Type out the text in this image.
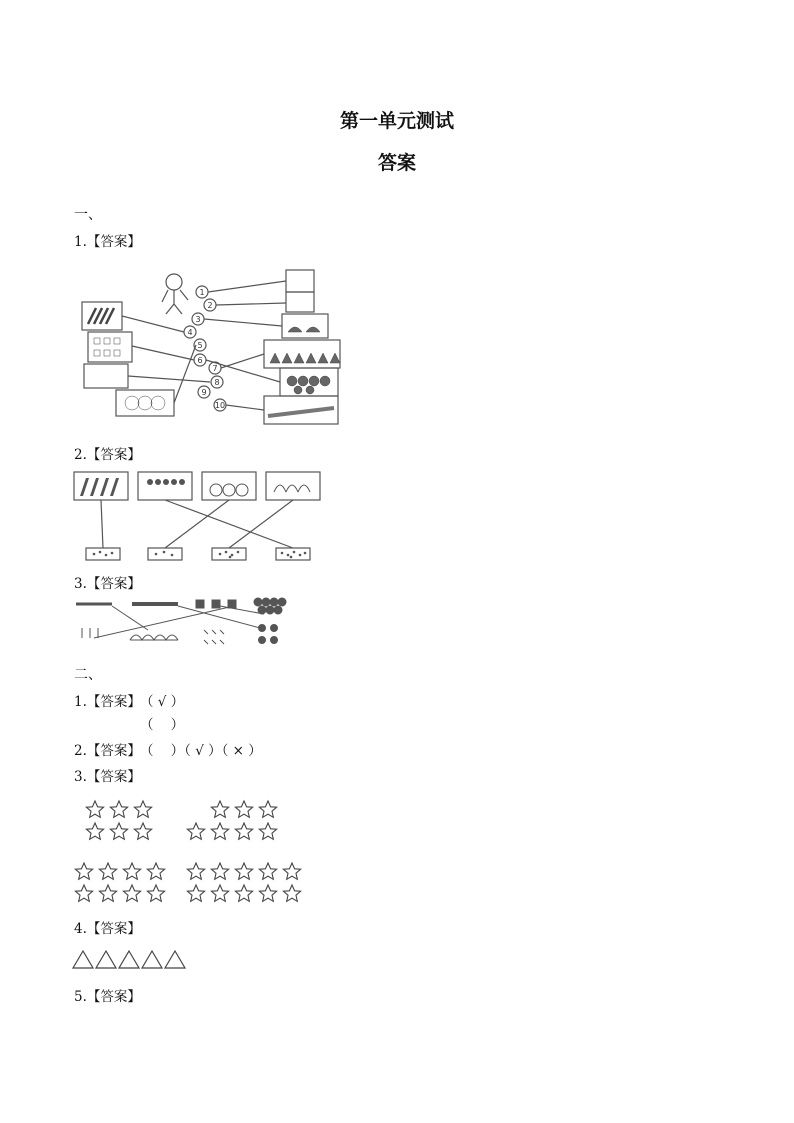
第一单元测试
答案
一、
1.【答案】
1
2
3
4
5
6
7
8
9
10
2.【答案】
3.【答案】
二、
1.【答案】 （ √ ）
（    ）
2.【答案】 （    ）（ √ ）（ × ）
3.【答案】
4.【答案】
5.【答案】
